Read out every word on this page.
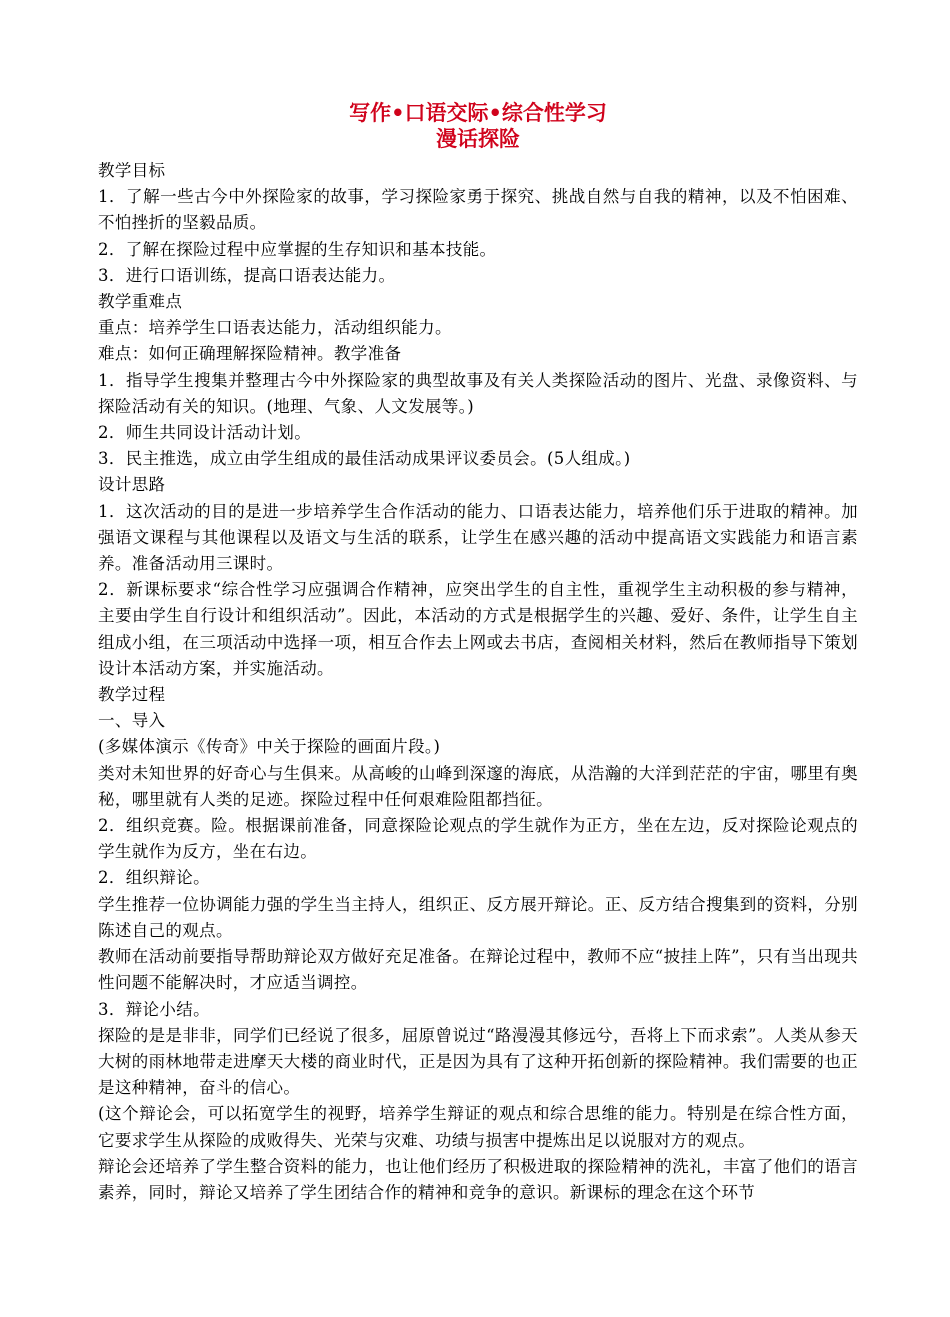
写作•口语交际•综合性学习
漫话探险

教学目标

1．了解一些古今中外探险家的故事，学习探险家勇于探究、挑战自然与自我的精神，以及不怕困难、不怕挫折的坚毅品质。

2．了解在探险过程中应掌握的生存知识和基本技能。

3．进行口语训练，提高口语表达能力。

教学重难点

重点：培养学生口语表达能力，活动组织能力。

难点：如何正确理解探险精神。教学准备

1．指导学生搜集并整理古今中外探险家的典型故事及有关人类探险活动的图片、光盘、录像资料、与探险活动有关的知识。(地理、气象、人文发展等。)

2．师生共同设计活动计划。

3．民主推选，成立由学生组成的最佳活动成果评议委员会。(5人组成。)

设计思路

1．这次活动的目的是进一步培养学生合作活动的能力、口语表达能力，培养他们乐于进取的精神。加强语文课程与其他课程以及语文与生活的联系，让学生在感兴趣的活动中提高语文实践能力和语言素养。准备活动用三课时。

2．新课标要求“综合性学习应强调合作精神，应突出学生的自主性，重视学生主动积极的参与精神，主要由学生自行设计和组织活动”。因此，本活动的方式是根据学生的兴趣、爱好、条件，让学生自主组成小组，在三项活动中选择一项，相互合作去上网或去书店，查阅相关材料，然后在教师指导下策划设计本活动方案，并实施活动。

教学过程

一、导入

(多媒体演示《传奇》中关于探险的画面片段。)

类对未知世界的好奇心与生俱来。从高峻的山峰到深邃的海底，从浩瀚的大洋到茫茫的宇宙，哪里有奥秘，哪里就有人类的足迹。探险过程中任何艰难险阻都挡征。

2．组织竞赛。险。根据课前准备，同意探险论观点的学生就作为正方，坐在左边，反对探险论观点的学生就作为反方，坐在右边。

2．组织辩论。

学生推荐一位协调能力强的学生当主持人，组织正、反方展开辩论。正、反方结合搜集到的资料，分别陈述自己的观点。

教师在活动前要指导帮助辩论双方做好充足准备。在辩论过程中，教师不应“披挂上阵”，只有当出现共性问题不能解决时，才应适当调控。

3．辩论小结。

探险的是是非非，同学们已经说了很多，屈原曾说过“路漫漫其修远兮，吾将上下而求索”。人类从参天大树的雨林地带走进摩天大楼的商业时代，正是因为具有了这种开拓创新的探险精神。我们需要的也正是这种精神，奋斗的信心。

(这个辩论会，可以拓宽学生的视野，培养学生辩证的观点和综合思维的能力。特别是在综合性方面，它要求学生从探险的成败得失、光荣与灾难、功绩与损害中提炼出足以说服对方的观点。

辩论会还培养了学生整合资料的能力，也让他们经历了积极进取的探险精神的洗礼，丰富了他们的语言素养，同时，辩论又培养了学生团结合作的精神和竞争的意识。新课标的理念在这个环节
